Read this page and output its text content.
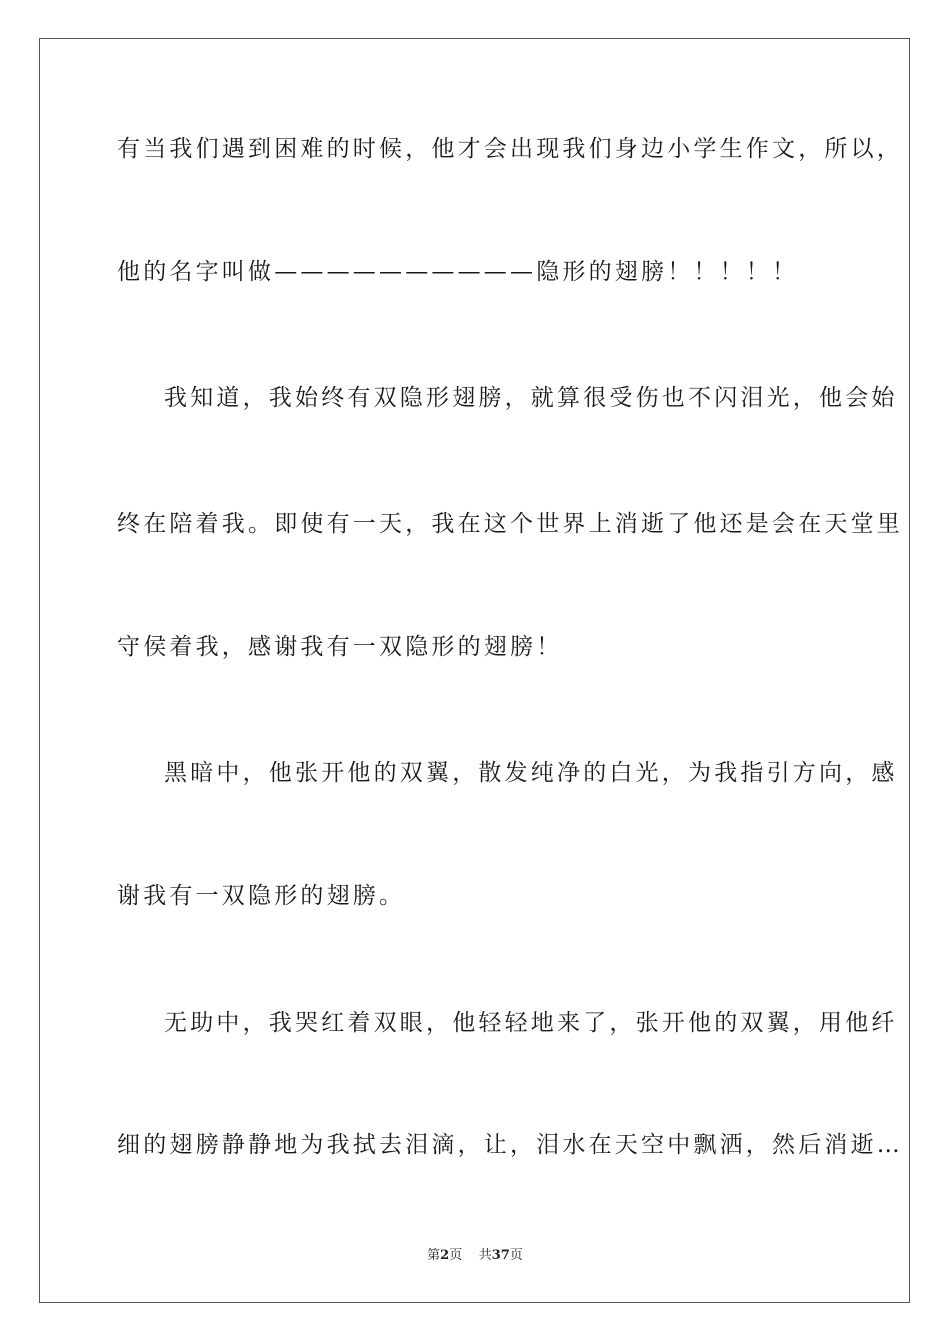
有当我们遇到困难的时候，他才会出现我们身边小学生作文，所以，
他的名字叫做——————————隐形的翅膀！！！！！
我知道，我始终有双隐形翅膀，就算很受伤也不闪泪光，他会始
终在陪着我。即使有一天，我在这个世界上消逝了他还是会在天堂里
守侯着我，感谢我有一双隐形的翅膀！
黑暗中，他张开他的双翼，散发纯净的白光，为我指引方向，感
谢我有一双隐形的翅膀。
无助中，我哭红着双眼，他轻轻地来了，张开他的双翼，用他纤
细的翅膀静静地为我拭去泪滴，让，泪水在天空中飘洒，然后消逝…
第2页 共37页
